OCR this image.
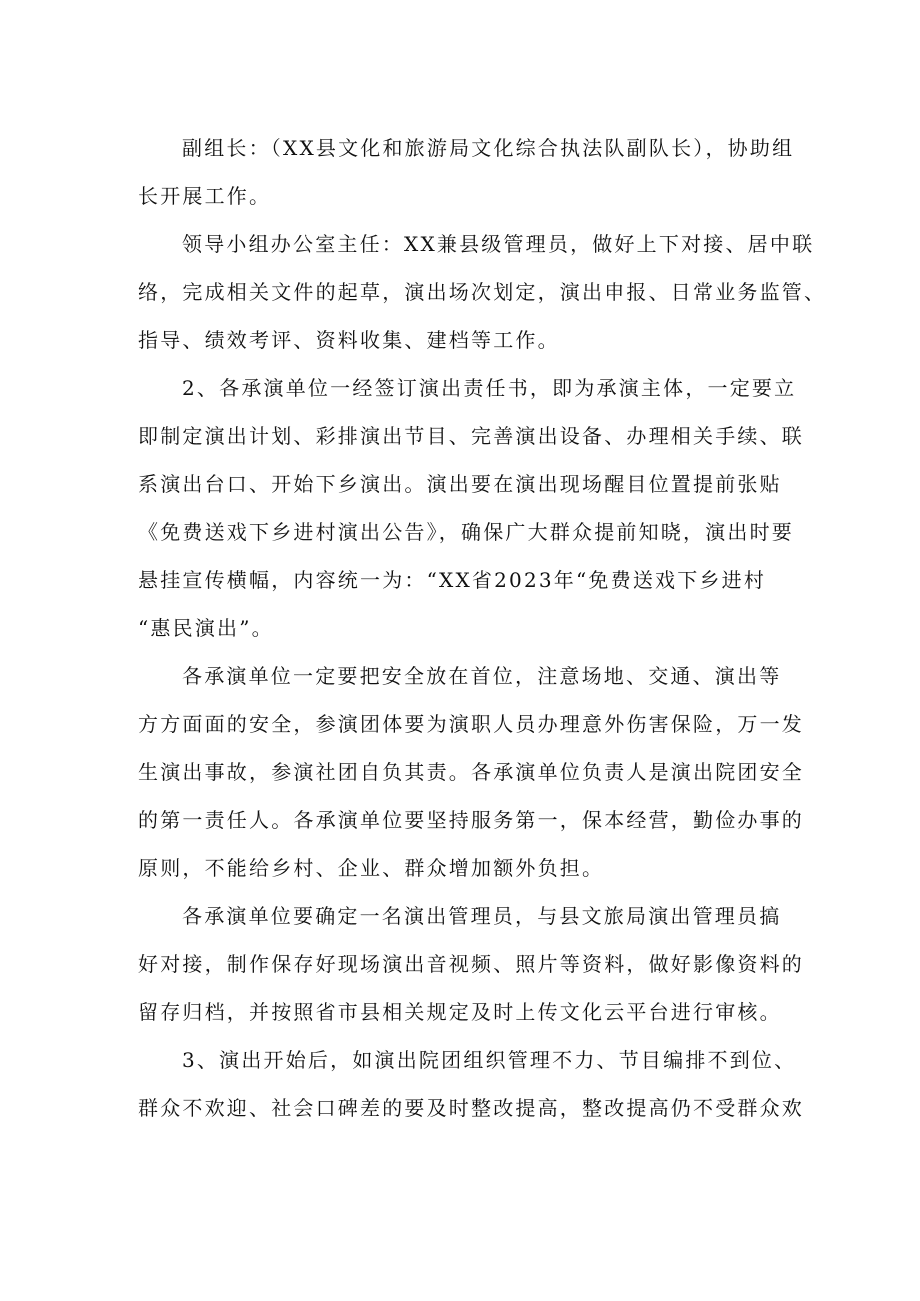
副组长：（XX县文化和旅游局文化综合执法队副队长），协助组
长开展工作。
领导小组办公室主任：XX兼县级管理员，做好上下对接、居中联
络，完成相关文件的起草，演出场次划定，演出申报、日常业务监管、
指导、绩效考评、资料收集、建档等工作。
2、各承演单位一经签订演出责任书，即为承演主体，一定要立
即制定演出计划、彩排演出节目、完善演出设备、办理相关手续、联
系演出台口、开始下乡演出。演出要在演出现场醒目位置提前张贴
《免费送戏下乡进村演出公告》，确保广大群众提前知晓，演出时要
悬挂宣传横幅，内容统一为：“XX省2023年“免费送戏下乡进村
“惠民演出”。
各承演单位一定要把安全放在首位，注意场地、交通、演出等
方方面面的安全，参演团体要为演职人员办理意外伤害保险，万一发
生演出事故，参演社团自负其责。各承演单位负责人是演出院团安全
的第一责任人。各承演单位要坚持服务第一，保本经营，勤俭办事的
原则，不能给乡村、企业、群众增加额外负担。
各承演单位要确定一名演出管理员，与县文旅局演出管理员搞
好对接，制作保存好现场演出音视频、照片等资料，做好影像资料的
留存归档，并按照省市县相关规定及时上传文化云平台进行审核。
3、演出开始后，如演出院团组织管理不力、节目编排不到位、
群众不欢迎、社会口碑差的要及时整改提高，整改提高仍不受群众欢
